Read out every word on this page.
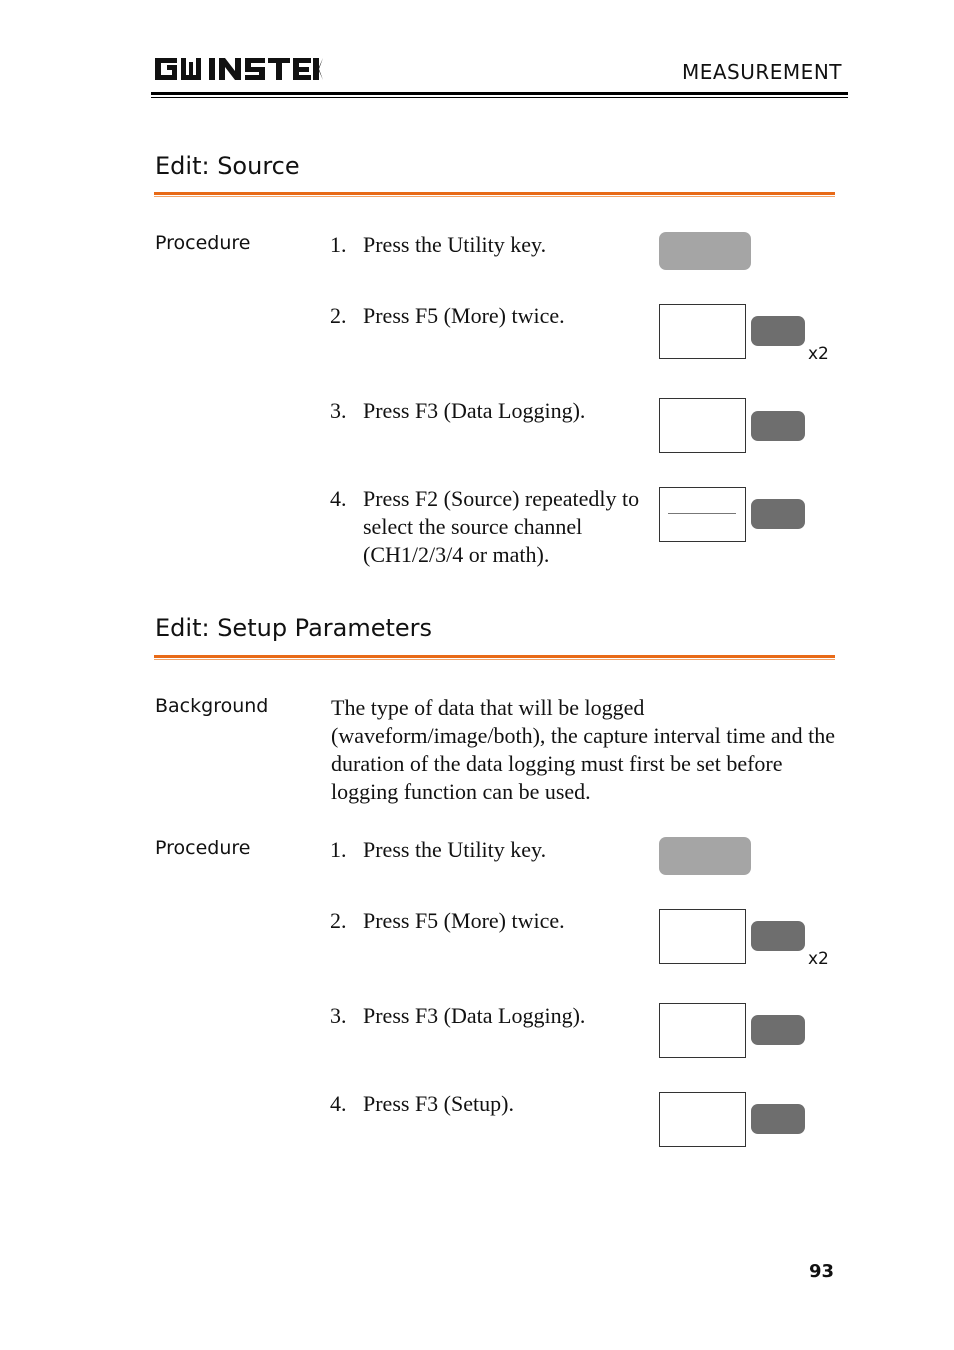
MEASUREMENT
Edit: Source
Procedure	1. Press the Utility key.
2. Press F5 (More) twice.
x2
3. Press F3 (Data Logging).
4. Press F2 (Source) repeatedly to select the source channel (CH1/2/3/4 or math).
Edit: Setup Parameters
Background	The type of data that will be logged (waveform/image/both), the capture interval time and the duration of the data logging must first be set before logging function can be used.
Procedure	1. Press the Utility key.
2. Press F5 (More) twice.
x2
3. Press F3 (Data Logging).
4. Press F3 (Setup).
93
